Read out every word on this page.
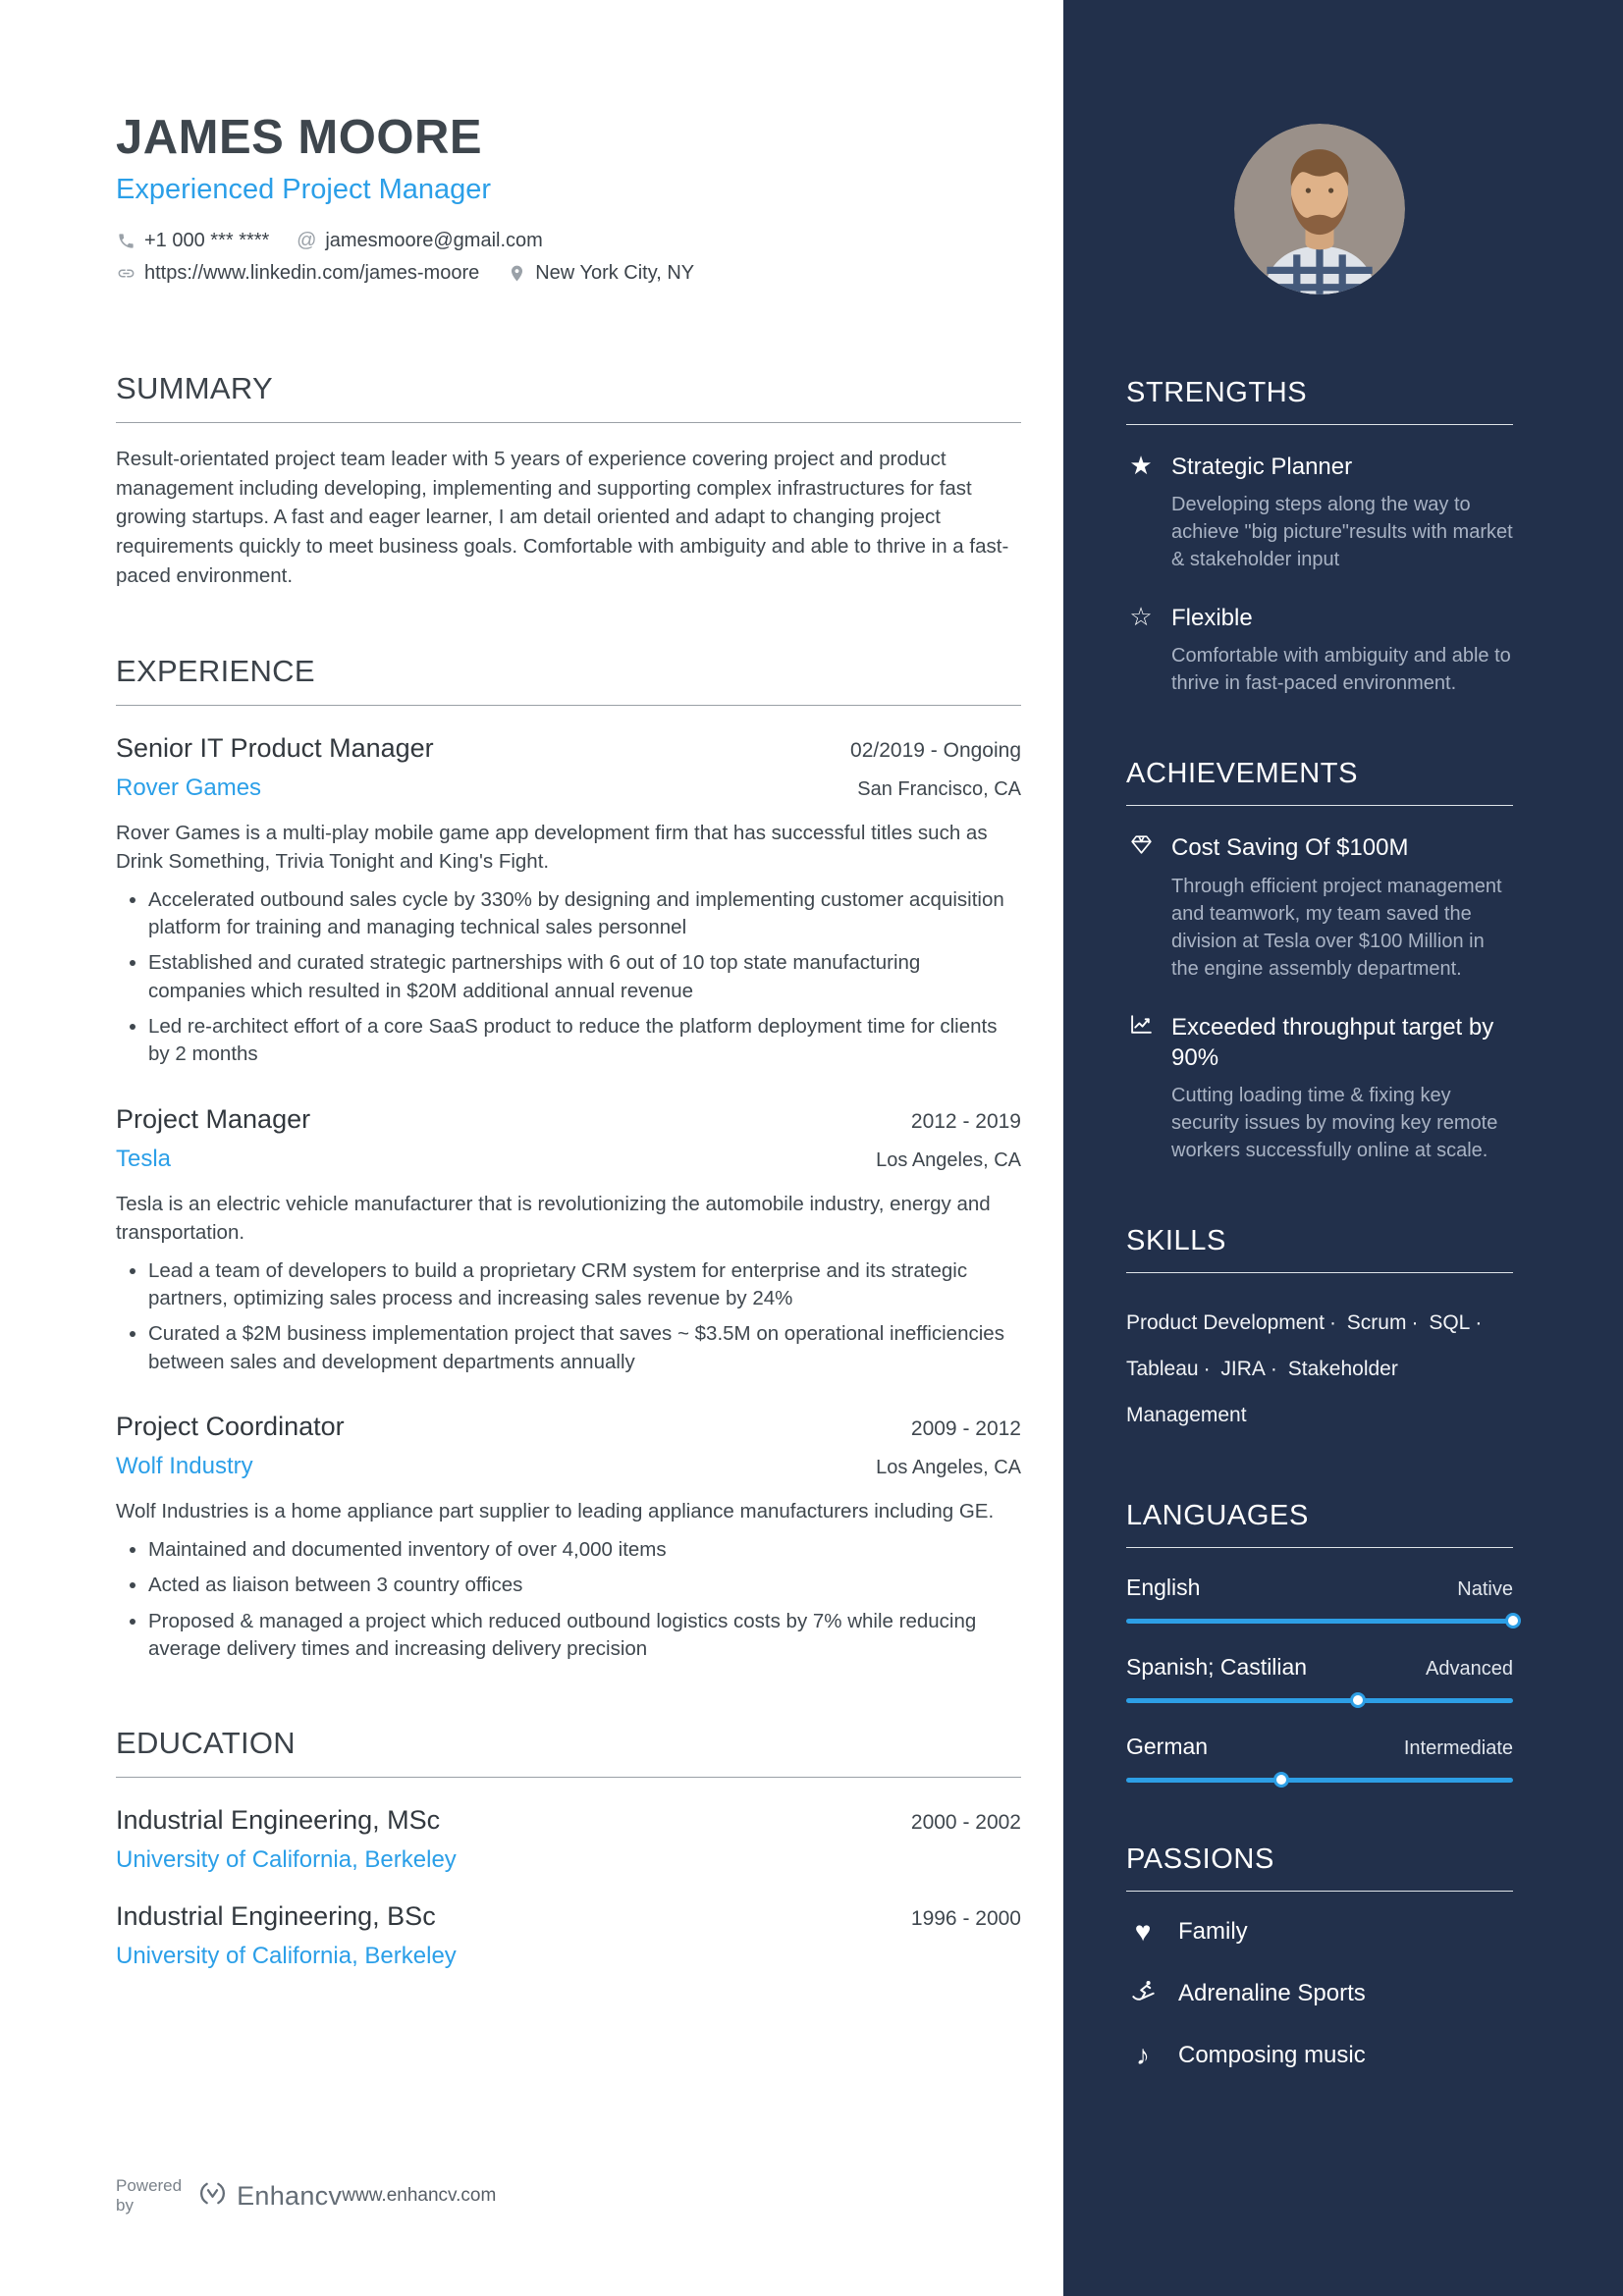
JAMES MOORE
Experienced Project Manager
+1 000 *** **** @ jamesmoore@gmail.com
https://www.linkedin.com/james-moore	New York City, NY
SUMMARY

Result-orientated project team leader with 5 years of experience covering project and product management including developing, implementing and supporting complex infrastructures for fast growing startups. A fast and eager learner, I am detail oriented and adapt to changing project requirements quickly to meet business goals. Comfortable with ambiguity and able to thrive in a fast-paced environment.

EXPERIENCE
Senior IT Product Manager	02/2019 - Ongoing
Rover Games	San Francisco, CA

Rover Games is a multi-play mobile game app development firm that has successful titles such as Drink Something, Trivia Tonight and King's Fight.

• Accelerated outbound sales cycle by 330% by designing and implementing customer acquisition platform for training and managing technical sales personnel
• Established and curated strategic partnerships with 6 out of 10 top state manufacturing companies which resulted in $20M additional annual revenue
• Led re-architect effort of a core SaaS product to reduce the platform deployment time for clients by 2 months
Project Manager	2012 - 2019
Tesla	Los Angeles, CA

Tesla is an electric vehicle manufacturer that is revolutionizing the automobile industry, energy and transportation.

• Lead a team of developers to build a proprietary CRM system for enterprise and its strategic partners, optimizing sales process and increasing sales revenue by 24%
• Curated a $2M business implementation project that saves ~ $3.5M on operational inefficiencies between sales and development departments annually
Project Coordinator	2009 - 2012
Wolf Industry	Los Angeles, CA

Wolf Industries is a home appliance part supplier to leading appliance manufacturers including GE.

• Maintained and documented inventory of over 4,000 items
• Acted as liaison between 3 country offices
• Proposed & managed a project which reduced outbound logistics costs by 7% while reducing average delivery times and increasing delivery precision
EDUCATION
Industrial Engineering, MSc	2000 - 2002
University of California, Berkeley
Industrial Engineering, BSc	1996 - 2000
University of California, Berkeley
Powered by	Enhancv www.enhancv.com
STRENGTHS
★ Strategic Planner
Developing steps along the way to achieve "big picture"results with market & stakeholder input
☆ Flexible
Comfortable with ambiguity and able to thrive in fast-paced environment.
ACHIEVEMENTS
Cost Saving Of $100M
Through efficient project management and teamwork, my team saved the division at Tesla over $100 Million in the engine assembly department.
Exceeded throughput target by 90%
Cutting loading time & fixing key security issues by moving key remote workers successfully online at scale.
SKILLS

Product Development · Scrum · SQL · Tableau · JIRA · Stakeholder Management

LANGUAGES
English	Native
Spanish; Castilian	Advanced
German	Intermediate
PASSIONS
♥	Family
Adrenaline Sports
♪	Composing music
